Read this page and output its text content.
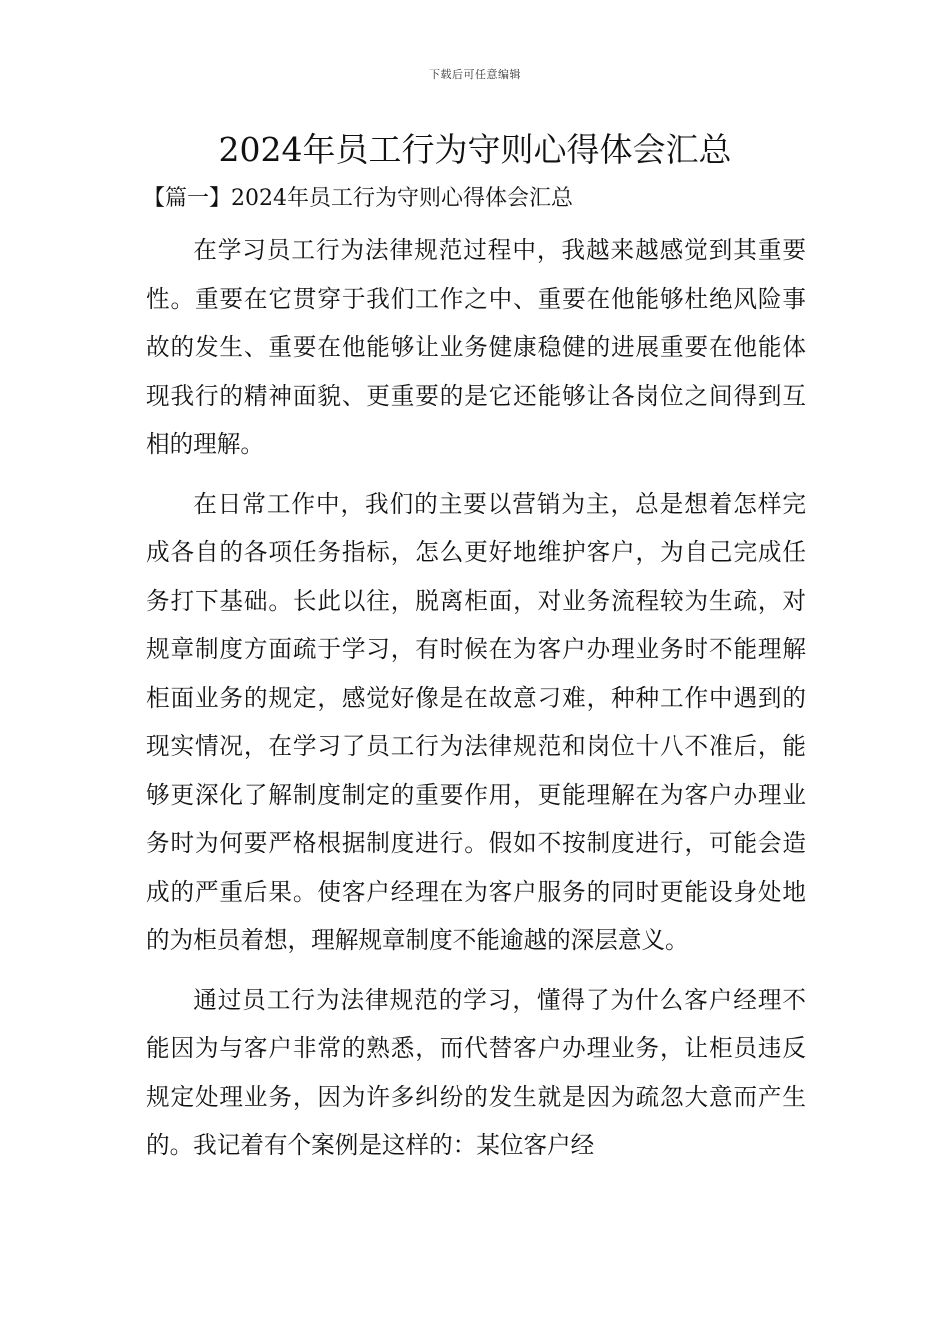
下载后可任意编辑
2024年员工行为守则心得体会汇总
【篇一】2024年员工行为守则心得体会汇总

在学习员工行为法律规范过程中，我越来越感觉到其重要性。重要在它贯穿于我们工作之中、重要在他能够杜绝风险事故的发生、重要在他能够让业务健康稳健的进展重要在他能体现我行的精神面貌、更重要的是它还能够让各岗位之间得到互相的理解。

在日常工作中，我们的主要以营销为主，总是想着怎样完成各自的各项任务指标，怎么更好地维护客户，为自己完成任务打下基础。长此以往，脱离柜面，对业务流程较为生疏，对规章制度方面疏于学习，有时候在为客户办理业务时不能理解柜面业务的规定，感觉好像是在故意刁难，种种工作中遇到的现实情况，在学习了员工行为法律规范和岗位十八不准后，能够更深化了解制度制定的重要作用，更能理解在为客户办理业务时为何要严格根据制度进行。假如不按制度进行，可能会造成的严重后果。使客户经理在为客户服务的同时更能设身处地的为柜员着想，理解规章制度不能逾越的深层意义。

通过员工行为法律规范的学习，懂得了为什么客户经理不能因为与客户非常的熟悉，而代替客户办理业务，让柜员违反规定处理业务，因为许多纠纷的发生就是因为疏忽大意而产生的。我记着有个案例是这样的：某位客户经
